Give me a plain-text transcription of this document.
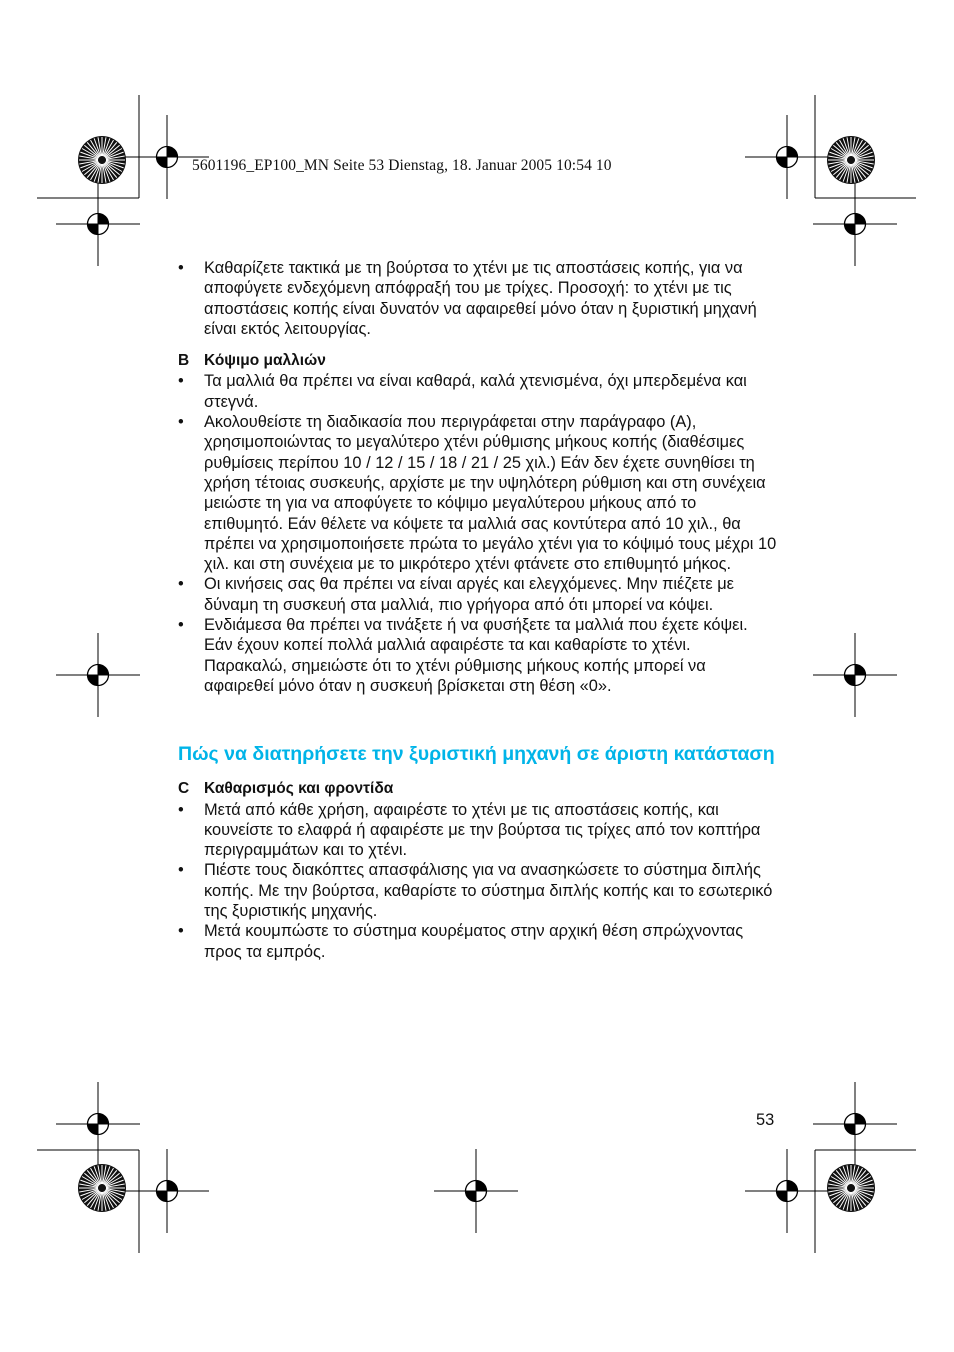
5601196_EP100_MN Seite 53 Dienstag, 18. Januar 2005 10:54 10
• Καθαρίζετε τακτικά με τη βούρτσα το χτένι με τις αποστάσεις κοπής, για να αποφύγετε ενδεχόμενη απόφραξή του με τρίχες. Προσοχή: το χτένι με τις αποστάσεις κοπής είναι δυνατόν να αφαιρεθεί μόνο όταν η ξυριστική μηχανή είναι εκτός λειτουργίας.
B Κόψιμο μαλλιών
• Τα μαλλιά θα πρέπει να είναι καθαρά, καλά χτενισμένα, όχι μπερδεμένα και στεγνά.
• Ακολουθείστε τη διαδικασία που περιγράφεται στην παράγραφο (A), χρησιμοποιώντας το μεγαλύτερο χτένι ρύθμισης μήκους κοπής (διαθέσιμες ρυθμίσεις περίπου 10 / 12 / 15 / 18 / 21 / 25 χιλ.) Εάν δεν έχετε συνηθίσει τη χρήση τέτοιας συσκευής, αρχίστε με την υψηλότερη ρύθμιση και στη συνέχεια μειώστε τη για να αποφύγετε το κόψιμο μεγαλύτερου μήκους από το επιθυμητό. Εάν θέλετε να κόψετε τα μαλλιά σας κοντύτερα από 10 χιλ., θα πρέπει να χρησιμοποιήσετε πρώτα το μεγάλο χτένι για το κόψιμό τους μέχρι 10 χιλ. και στη συνέχεια με το μικρότερο χτένι φτάνετε στο επιθυμητό μήκος.
• Οι κινήσεις σας θα πρέπει να είναι αργές και ελεγχόμενες. Μην πιέζετε με δύναμη τη συσκευή στα μαλλιά, πιο γρήγορα από ότι μπορεί να κόψει.
• Ενδιάμεσα θα πρέπει να τινάξετε ή να φυσήξετε τα μαλλιά που έχετε κόψει. Εάν έχουν κοπεί πολλά μαλλιά αφαιρέστε τα και καθαρίστε το χτένι. Παρακαλώ, σημειώστε ότι το χτένι ρύθμισης μήκους κοπής μπορεί να αφαιρεθεί μόνο όταν η συσκευή βρίσκεται στη θέση «0».
Πώς να διατηρήσετε την ξυριστική μηχανή σε άριστη κατάσταση
C Καθαρισμός και φροντίδα
• Μετά από κάθε χρήση, αφαιρέστε το χτένι με τις αποστάσεις κοπής, και κουνείστε το ελαφρά ή αφαιρέστε με την βούρτσα τις τρίχες από τον κοπτήρα περιγραμμάτων και το χτένι.
• Πιέστε τους διακόπτες απασφάλισης για να ανασηκώσετε το σύστημα διπλής κοπής. Με την βούρτσα, καθαρίστε το σύστημα διπλής κοπής και το εσωτερικό της ξυριστικής μηχανής.
• Μετά κουμπώστε το σύστημα κουρέματος στην αρχική θέση σπρώχνοντας προς τα εμπρός.
53
